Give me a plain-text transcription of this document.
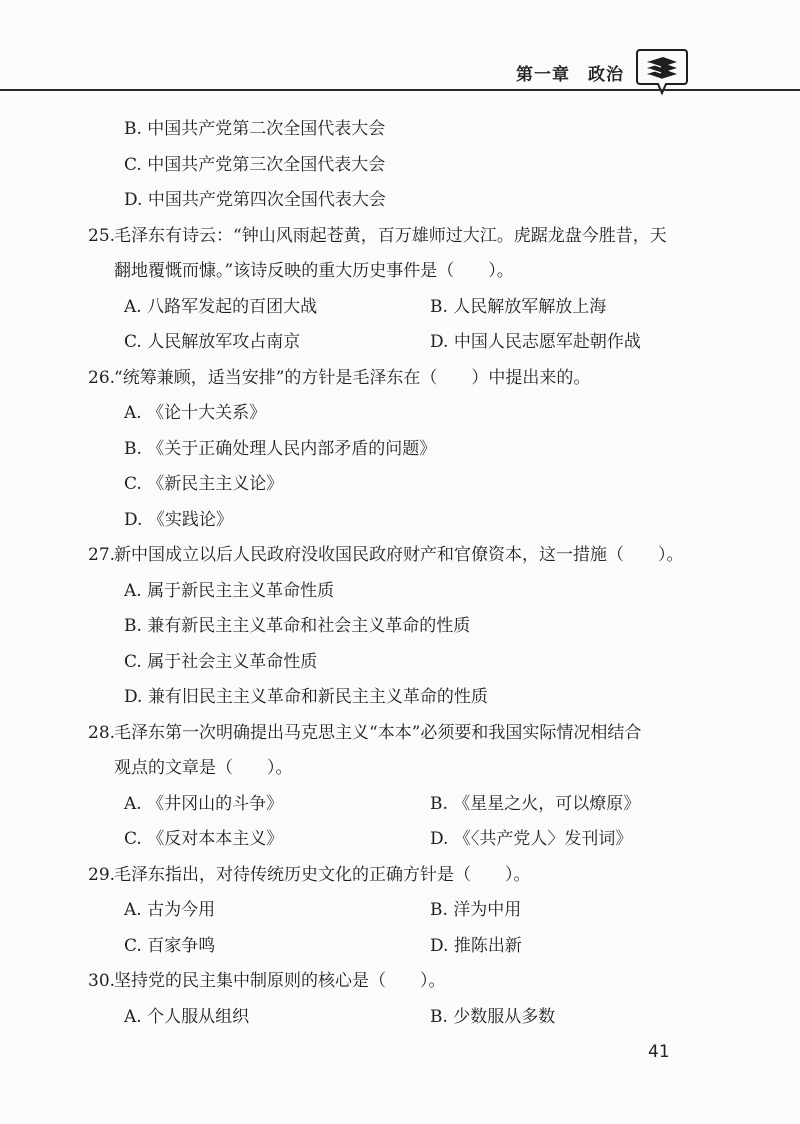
第一章　政治
B. 中国共产党第二次全国代表大会
C. 中国共产党第三次全国代表大会
D. 中国共产党第四次全国代表大会
25.毛泽东有诗云：“钟山风雨起苍黄，百万雄师过大江。虎踞龙盘今胜昔，天
翻地覆慨而慷。”该诗反映的重大历史事件是（　　）。
A. 八路军发起的百团大战	B. 人民解放军解放上海
C. 人民解放军攻占南京	D. 中国人民志愿军赴朝作战
26.“统筹兼顾，适当安排”的方针是毛泽东在（　　）中提出来的。
A. 《论十大关系》
B. 《关于正确处理人民内部矛盾的问题》
C. 《新民主主义论》
D. 《实践论》
27.新中国成立以后人民政府没收国民政府财产和官僚资本，这一措施（　　）。
A. 属于新民主主义革命性质
B. 兼有新民主主义革命和社会主义革命的性质
C. 属于社会主义革命性质
D. 兼有旧民主主义革命和新民主主义革命的性质
28.毛泽东第一次明确提出马克思主义“本本”必须要和我国实际情况相结合
观点的文章是（　　）。
A. 《井冈山的斗争》	B. 《星星之火，可以燎原》
C. 《反对本本主义》	D. 《〈共产党人〉发刊词》
29.毛泽东指出，对待传统历史文化的正确方针是（　　）。
A. 古为今用	B. 洋为中用
C. 百家争鸣	D. 推陈出新
30.坚持党的民主集中制原则的核心是（　　）。
A. 个人服从组织	B. 少数服从多数
41
